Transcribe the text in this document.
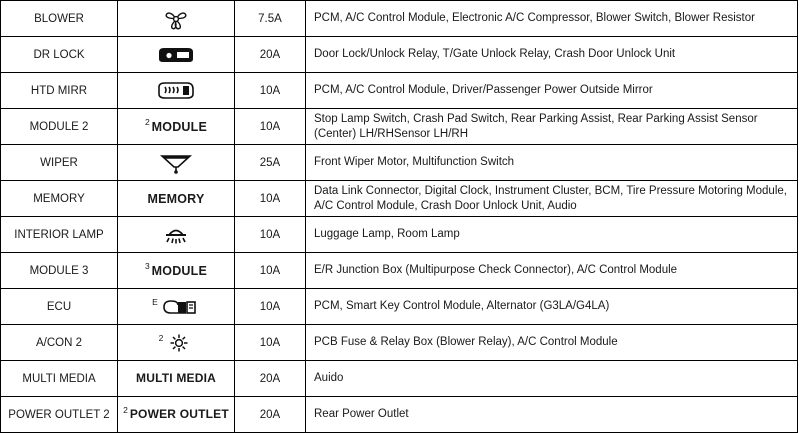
BLOWER		7.5A	PCM, A/C Control Module, Electronic A/C Compressor, Blower Switch, Blower Resistor
DR LOCK		20A	Door Lock/Unlock Relay, T/Gate Unlock Relay, Crash Door Unlock Unit
HTD MIRR		10A	PCM, A/C Control Module, Driver/Passenger Power Outside Mirror
MODULE 2	2 MODULE	10A	Stop Lamp Switch, Crash Pad Switch, Rear Parking Assist, Rear Parking Assist Sensor (Center) LH/RHSensor LH/RH
WIPER		25A	Front Wiper Motor, Multifunction Switch
MEMORY	MEMORY	10A	Data Link Connector, Digital Clock, Instrument Cluster, BCM, Tire Pressure Motoring Module, A/C Control Module, Crash Door Unlock Unit, Audio
INTERIOR LAMP		10A	Luggage Lamp, Room Lamp
MODULE 3	3 MODULE	10A	E/R Junction Box (Multipurpose Check Connector), A/C Control Module
ECU	E	10A	PCM, Smart Key Control Module, Alternator (G3LA/G4LA)
A/CON 2	2	10A	PCB Fuse & Relay Box (Blower Relay), A/C Control Module
MULTI MEDIA	MULTI MEDIA	20A	Auido
POWER OUTLET 2	2 POWER OUTLET	20A	Rear Power Outlet
